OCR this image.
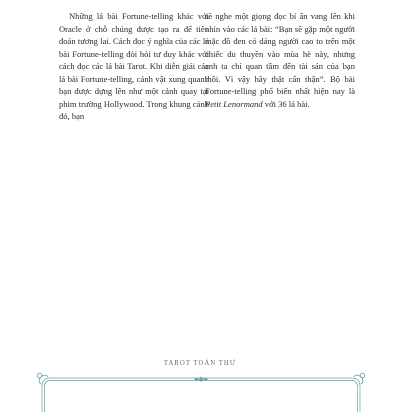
Những lá bài Fortune-telling khác với Oracle ở chỗ chúng được tạo ra để tiên đoán tương lai. Cách đọc ý nghĩa của các lá bài Fortune-telling đòi hỏi tư duy khác với cách đọc các lá bài Tarot. Khi diễn giải các lá bài Fortune-telling, cảnh vật xung quanh bạn được dựng lên như một cảnh quay tại phim trường Hollywood. Trong khung cảnh đó, bạn

sẽ nghe một giọng đọc bí ẩn vang lên khi nhìn vào các lá bài: “Bạn sẽ gặp một người mặc đồ đen có dáng người cao to trên một chiếc du thuyền vào mùa hè này, nhưng anh ta chỉ quan tâm đến tài sản của bạn thôi. Vì vậy hãy thật cẩn thận”. Bộ bài Fortune-telling phổ biến nhất hiện nay là Petit Lenormand với 36 lá bài.

TAROT TOÀN THƯ
